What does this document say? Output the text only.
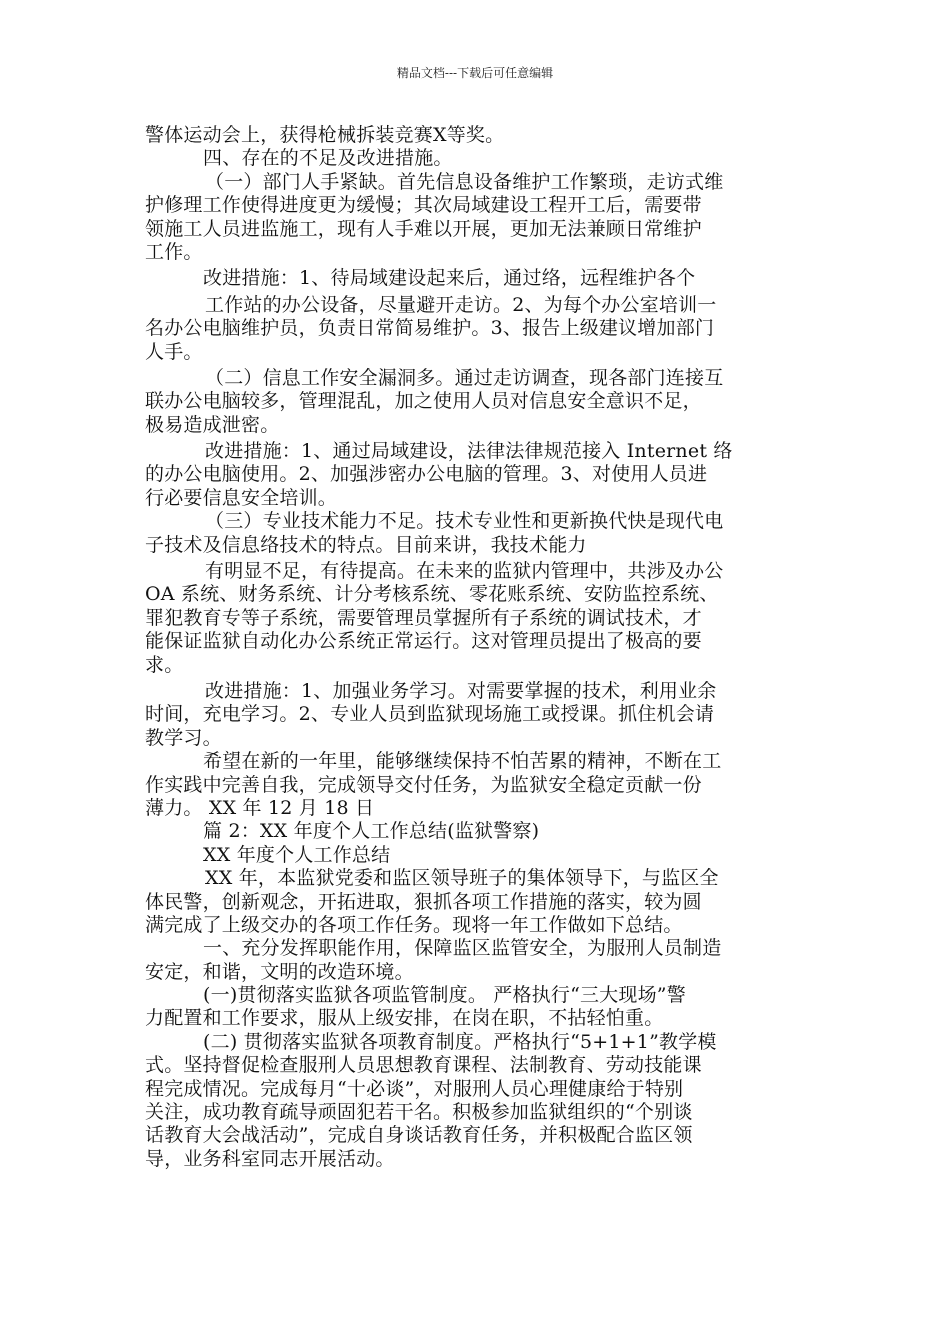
精品文档---下载后可任意编辑
警体运动会上，获得枪械拆装竞赛Ⅹ等奖。
四、存在的不足及改进措施。
（一）部门人手紧缺。首先信息设备维护工作繁琐，走访式维
护修理工作使得进度更为缓慢；其次局域建设工程开工后，需要带
领施工人员进监施工，现有人手难以开展，更加无法兼顾日常维护
工作。
改进措施：1、待局域建设起来后，通过络，远程维护各个
工作站的办公设备，尽量避开走访。2、为每个办公室培训一
名办公电脑维护员，负责日常简易维护。3、报告上级建议增加部门
人手。
（二）信息工作安全漏洞多。通过走访调查，现各部门连接互
联办公电脑较多，管理混乱，加之使用人员对信息安全意识不足，
极易造成泄密。
改进措施：1、通过局域建设，法律法律规范接入 Internet 络
的办公电脑使用。2、加强涉密办公电脑的管理。3、对使用人员进
行必要信息安全培训。
（三）专业技术能力不足。技术专业性和更新换代快是现代电
子技术及信息络技术的特点。目前来讲，我技术能力
有明显不足，有待提高。在未来的监狱内管理中，共涉及办公
OA 系统、财务系统、计分考核系统、零花账系统、安防监控系统、
罪犯教育专等子系统，需要管理员掌握所有子系统的调试技术，才
能保证监狱自动化办公系统正常运行。这对管理员提出了极高的要
求。
改进措施：1、加强业务学习。对需要掌握的技术，利用业余
时间，充电学习。2、专业人员到监狱现场施工或授课。抓住机会请
教学习。
希望在新的一年里，能够继续保持不怕苦累的精神，不断在工
作实践中完善自我，完成领导交付任务，为监狱安全稳定贡献一份
薄力。 XX 年 12 月 18 日
篇 2：XX 年度个人工作总结(监狱警察)
XX 年度个人工作总结
XX 年，本监狱党委和监区领导班子的集体领导下，与监区全
体民警，创新观念，开拓进取，狠抓各项工作措施的落实，较为圆
满完成了上级交办的各项工作任务。现将一年工作做如下总结。
一、充分发挥职能作用，保障监区监管安全，为服刑人员制造
安定，和谐，文明的改造环境。
(一)贯彻落实监狱各项监管制度。 严格执行“三大现场”警
力配置和工作要求，服从上级安排，在岗在职，不拈轻怕重。
(二) 贯彻落实监狱各项教育制度。严格执行“5+1+1”教学模
式。坚持督促检查服刑人员思想教育课程、法制教育、劳动技能课
程完成情况。完成每月“十必谈”，对服刑人员心理健康给于特别
关注，成功教育疏导顽固犯若干名。积极参加监狱组织的“个别谈
话教育大会战活动”，完成自身谈话教育任务，并积极配合监区领
导，业务科室同志开展活动。
